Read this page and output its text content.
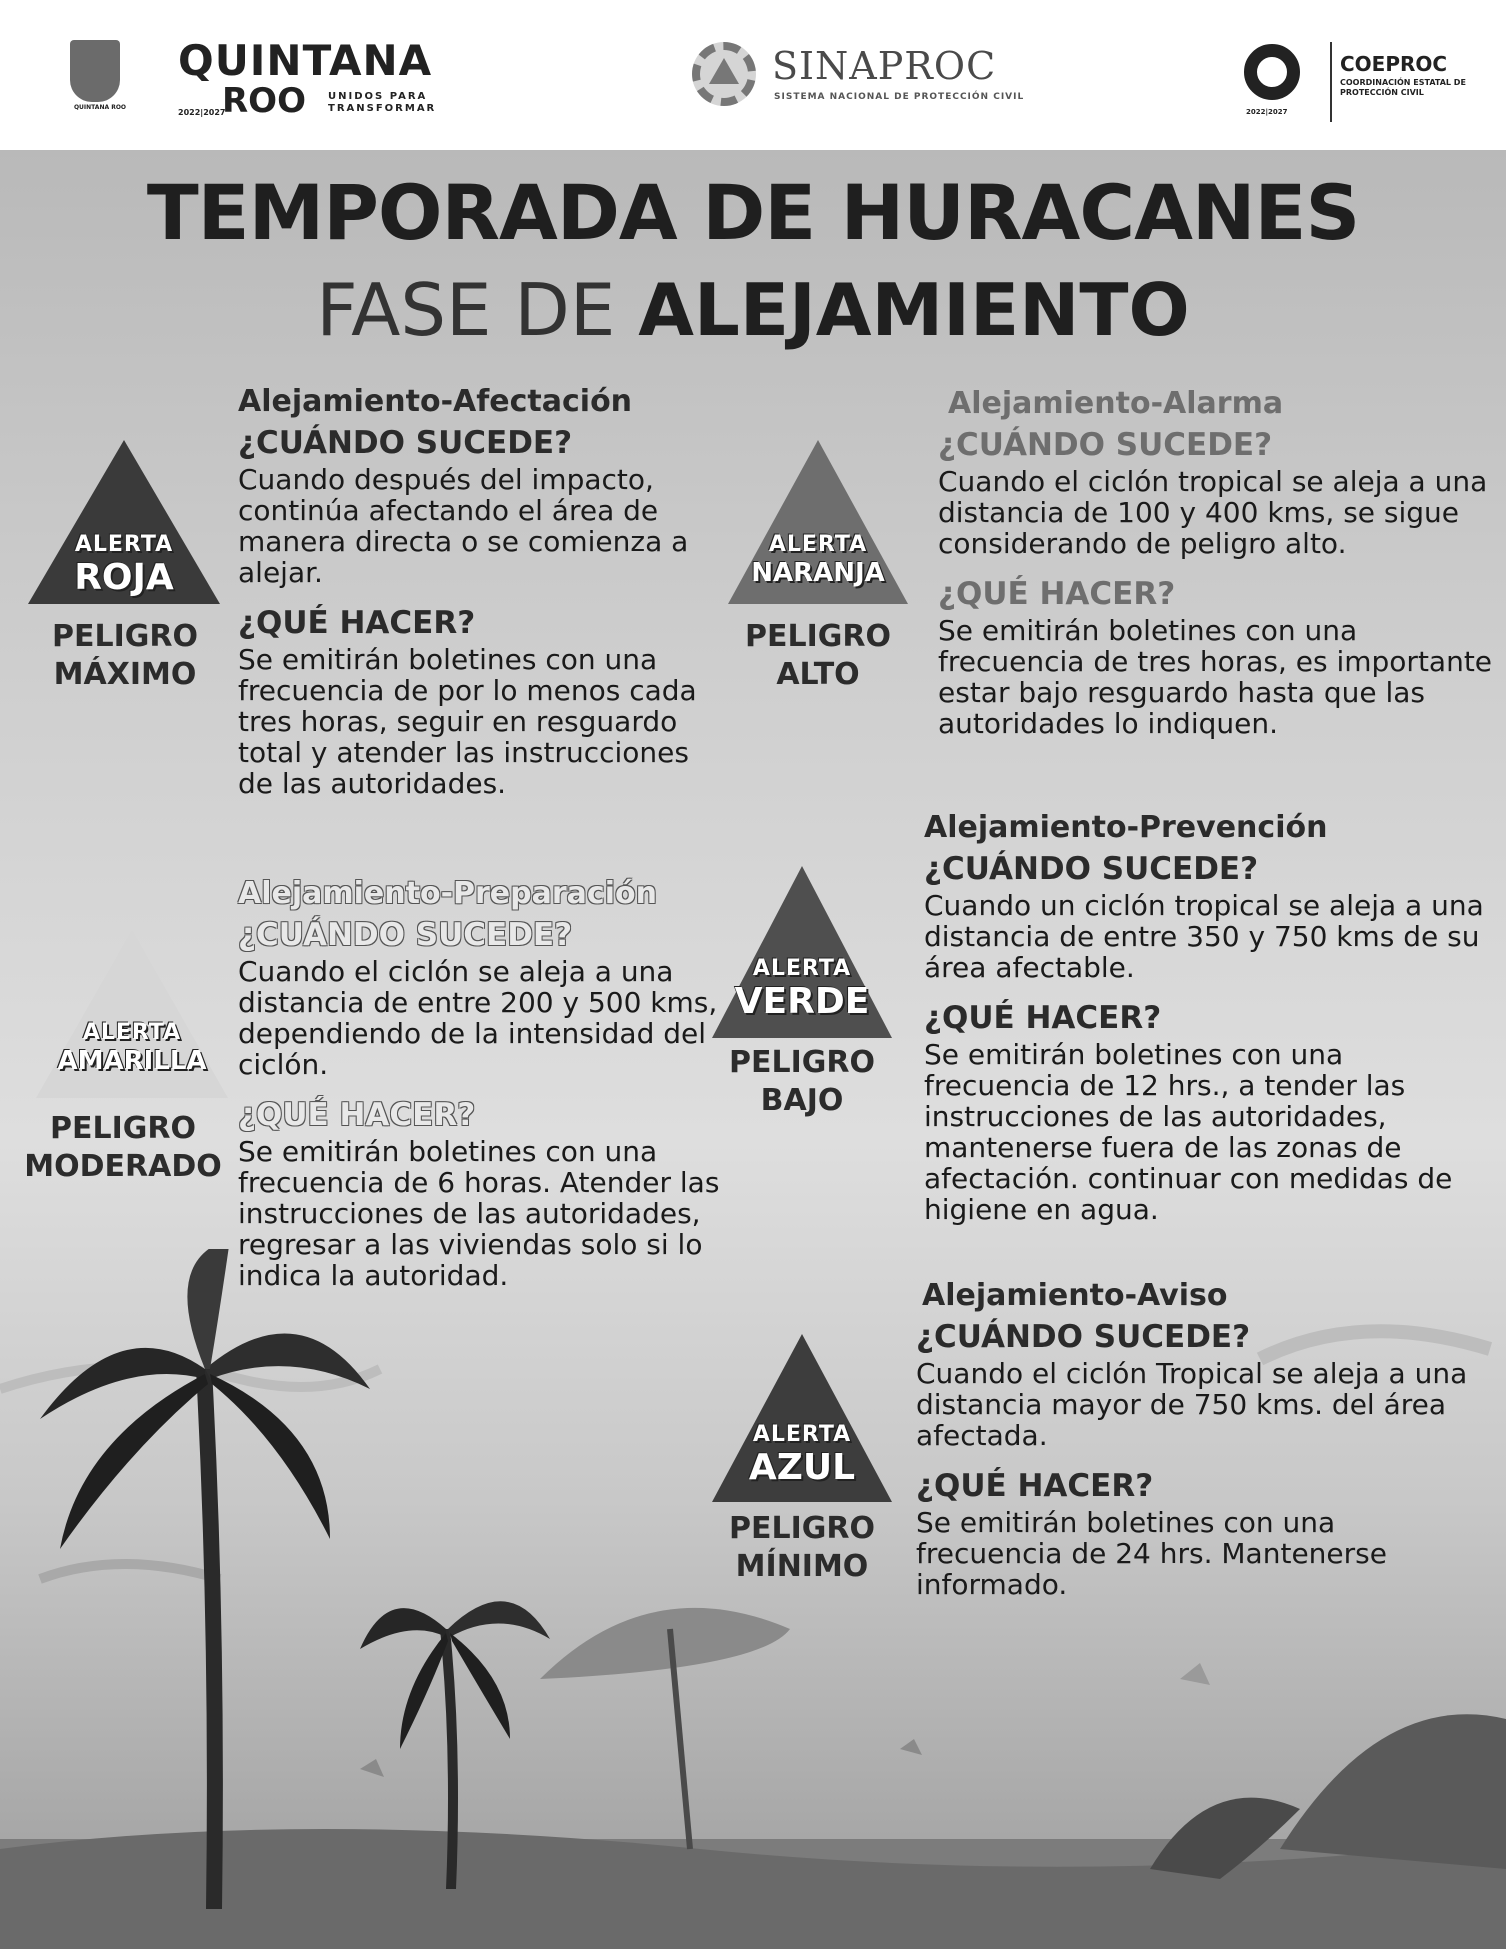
QUINTANA ROO
QUINTANA
ROO UNIDOS PARA TRANSFORMAR
2022|2027
SINAPROC
SISTEMA NACIONAL DE PROTECCIÓN CIVIL
2022|2027
COEPROC
COORDINACIÓN ESTATAL DE PROTECCIÓN CIVIL
TEMPORADA DE HURACANES
FASE DE ALEJAMIENTO
ALERTA
ROJA
PELIGRO
MÁXIMO
Alejamiento-Afectación
¿CUÁNDO SUCEDE?

Cuando después del impacto, continúa afectando el área de manera directa o se comienza a alejar.

¿QUÉ HACER?

Se emitirán boletines con una frecuencia de por lo menos cada tres horas, seguir en resguardo total y atender las instrucciones de las autoridades.

ALERTA
NARANJA
PELIGRO
ALTO
Alejamiento-Alarma
¿CUÁNDO SUCEDE?

Cuando el ciclón tropical se aleja a una distancia de 100 y 400 kms, se sigue considerando de peligro alto.

¿QUÉ HACER?

Se emitirán boletines con una frecuencia de tres horas, es importante estar bajo resguardo hasta que las autoridades lo indiquen.

ALERTA
AMARILLA
PELIGRO
MODERADO
Alejamiento-Preparación
¿CUÁNDO SUCEDE?

Cuando el ciclón se aleja a una distancia de entre 200 y 500 kms, dependiendo de la intensidad del ciclón.

¿QUÉ HACER?

Se emitirán boletines con una frecuencia de 6 horas. Atender las instrucciones de las autoridades, regresar a las viviendas solo si lo indica la autoridad.

ALERTA
VERDE
PELIGRO
BAJO
Alejamiento-Prevención
¿CUÁNDO SUCEDE?

Cuando un ciclón tropical se aleja a una distancia de entre 350 y 750 kms de su área afectable.

¿QUÉ HACER?

Se emitirán boletines con una frecuencia de 12 hrs., a tender las instrucciones de las autoridades, mantenerse fuera de las zonas de afectación. continuar con medidas de higiene en agua.

ALERTA
AZUL
PELIGRO
MÍNIMO
Alejamiento-Aviso
¿CUÁNDO SUCEDE?

Cuando el ciclón Tropical se aleja a una distancia mayor de 750 kms. del área afectada.

¿QUÉ HACER?

Se emitirán boletines con una frecuencia de 24 hrs. Mantenerse informado.
